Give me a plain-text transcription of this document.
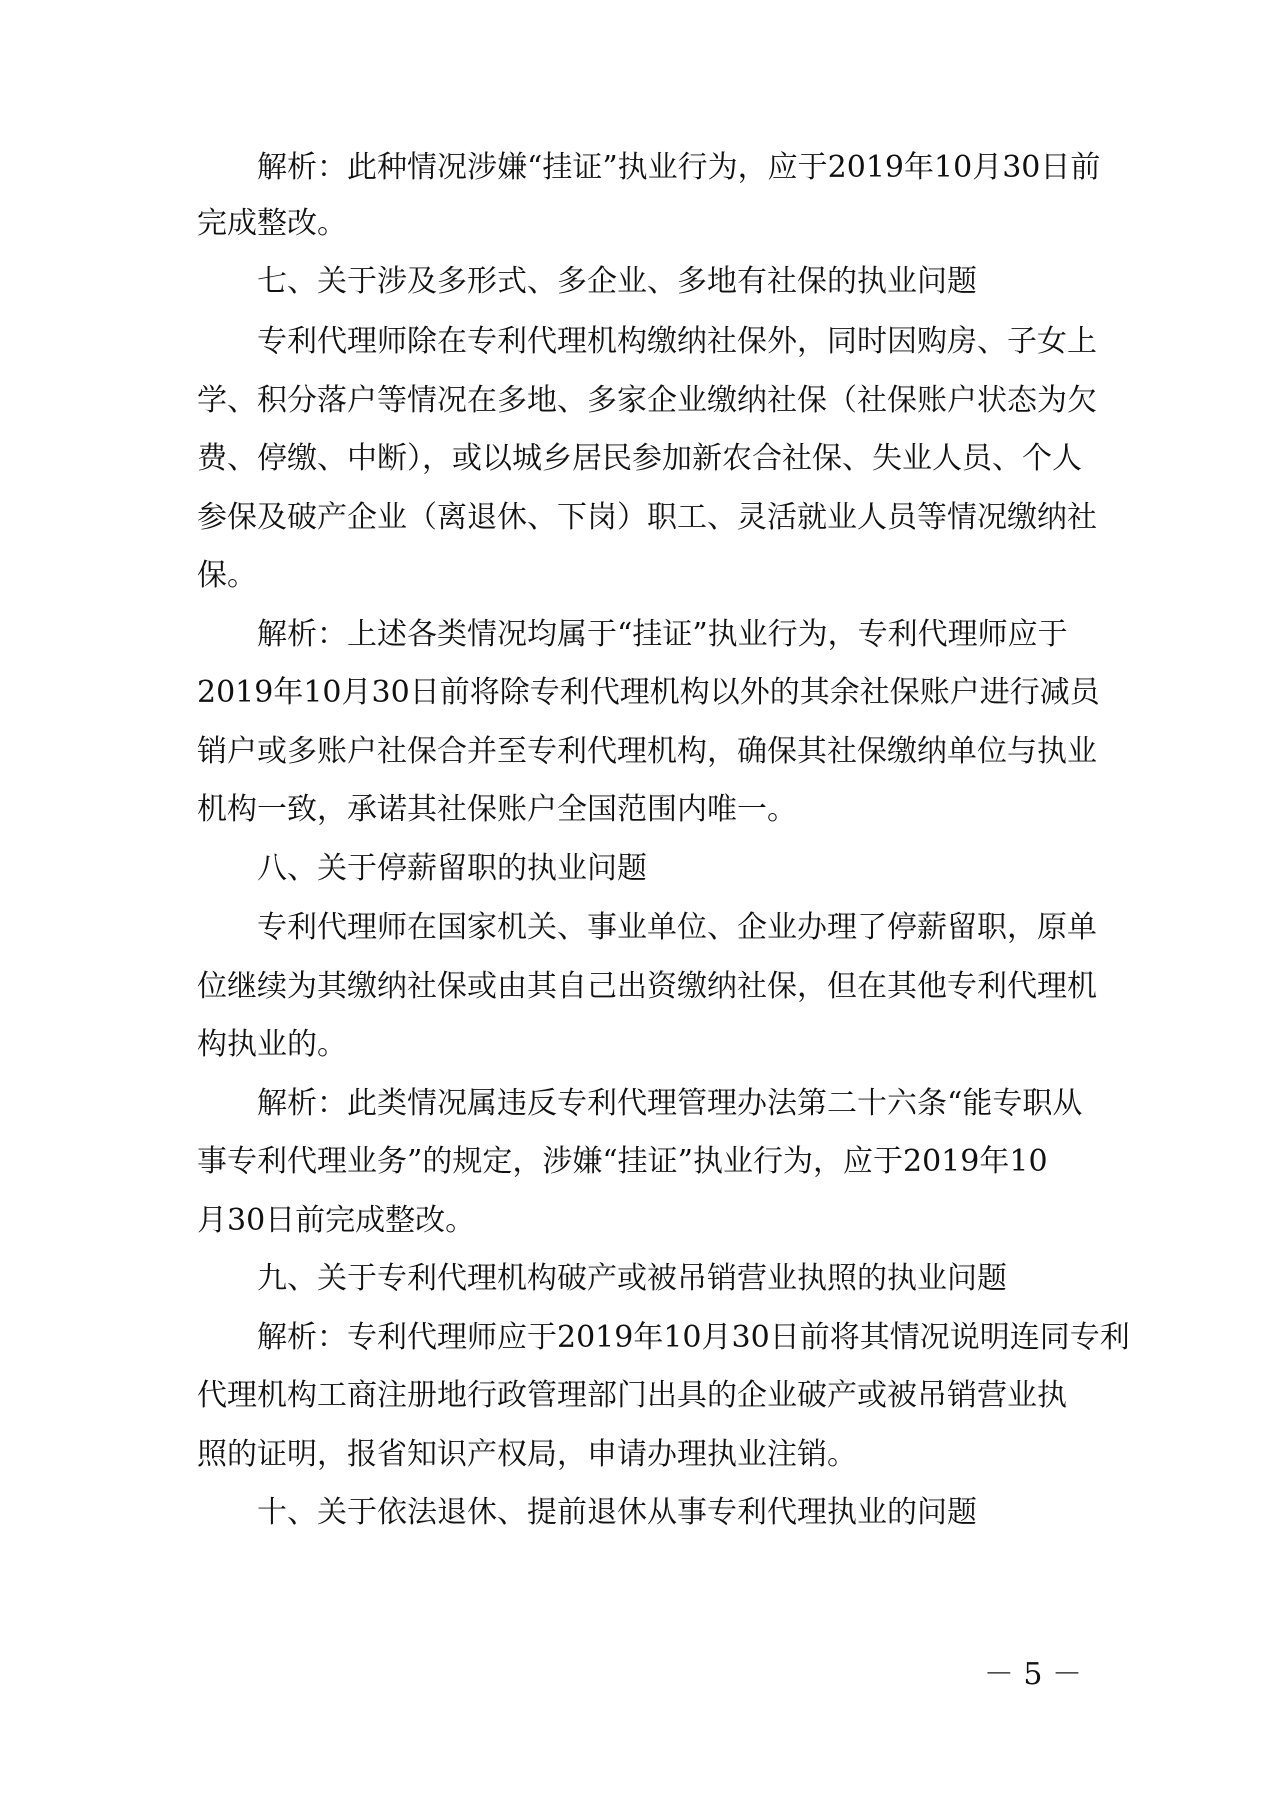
解析：此种情况涉嫌“挂证”执业行为，应于2019年10月30日前
完成整改。
七、关于涉及多形式、多企业、多地有社保的执业问题
专利代理师除在专利代理机构缴纳社保外，同时因购房、子女上
学、积分落户等情况在多地、多家企业缴纳社保（社保账户状态为欠
费、停缴、中断），或以城乡居民参加新农合社保、失业人员、个人
参保及破产企业（离退休、下岗）职工、灵活就业人员等情况缴纳社
保。
解析：上述各类情况均属于“挂证”执业行为，专利代理师应于
2019年10月30日前将除专利代理机构以外的其余社保账户进行减员
销户或多账户社保合并至专利代理机构，确保其社保缴纳单位与执业
机构一致，承诺其社保账户全国范围内唯一。
八、关于停薪留职的执业问题
专利代理师在国家机关、事业单位、企业办理了停薪留职，原单
位继续为其缴纳社保或由其自己出资缴纳社保，但在其他专利代理机
构执业的。
解析：此类情况属违反专利代理管理办法第二十六条“能专职从
事专利代理业务”的规定，涉嫌“挂证”执业行为，应于2019年10
月30日前完成整改。
九、关于专利代理机构破产或被吊销营业执照的执业问题
解析：专利代理师应于2019年10月30日前将其情况说明连同专利
代理机构工商注册地行政管理部门出具的企业破产或被吊销营业执
照的证明，报省知识产权局，申请办理执业注销。
十、关于依法退休、提前退休从事专利代理执业的问题
－ 5 －
